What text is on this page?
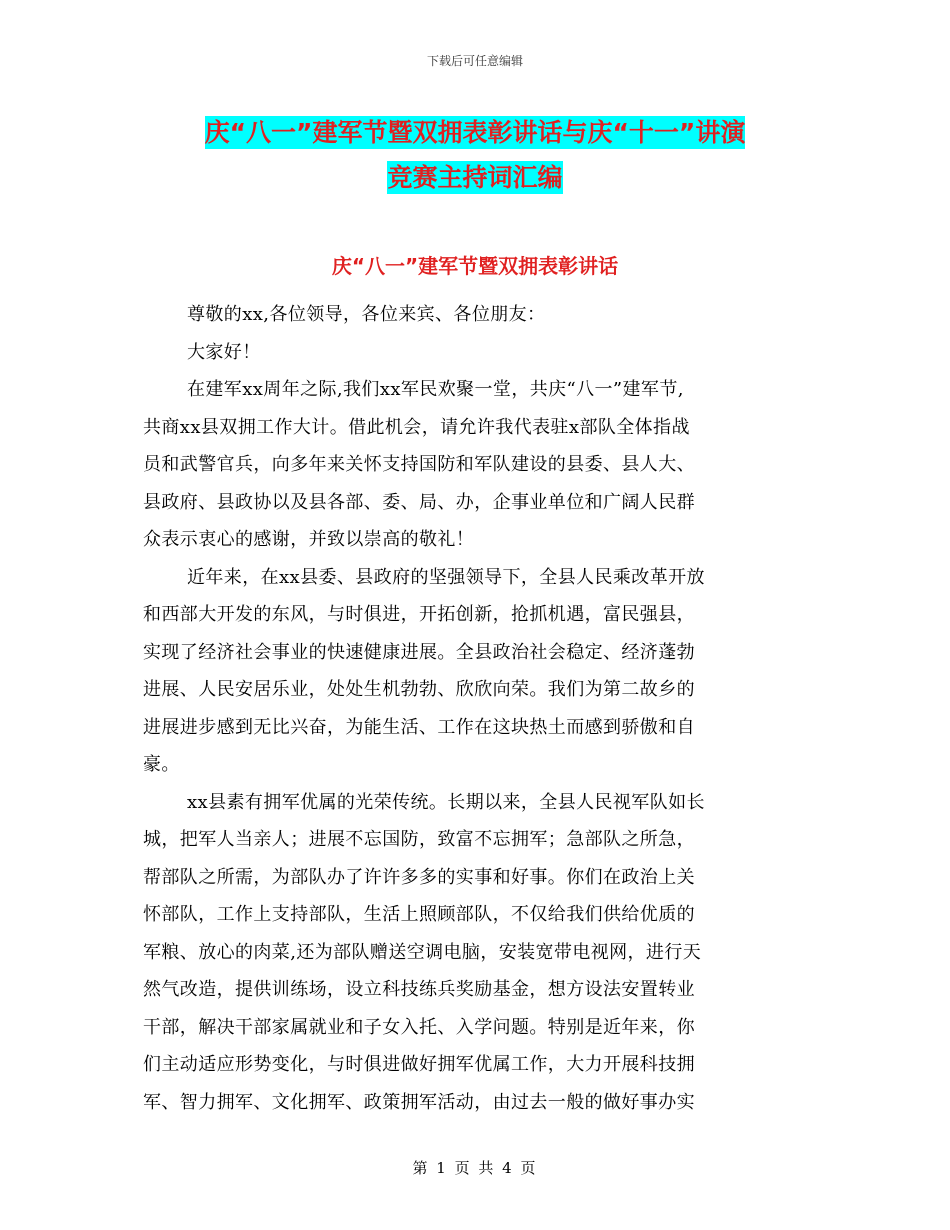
下载后可任意编辑
庆“八一”建军节暨双拥表彰讲话与庆“十一”讲演
竞赛主持词汇编
庆“八一”建军节暨双拥表彰讲话
尊敬的xx,各位领导，各位来宾、各位朋友：
大家好！
在建军xx周年之际,我们xx军民欢聚一堂，共庆“八一”建军节,
共商xx县双拥工作大计。借此机会，请允许我代表驻x部队全体指战
员和武警官兵，向多年来关怀支持国防和军队建设的县委、县人大、
县政府、县政协以及县各部、委、局、办，企事业单位和广阔人民群
众表示衷心的感谢，并致以崇高的敬礼！
近年来，在xx县委、县政府的坚强领导下，全县人民乘改革开放
和西部大开发的东风，与时俱进，开拓创新，抢抓机遇，富民强县，
实现了经济社会事业的快速健康进展。全县政治社会稳定、经济蓬勃
进展、人民安居乐业，处处生机勃勃、欣欣向荣。我们为第二故乡的
进展进步感到无比兴奋，为能生活、工作在这块热土而感到骄傲和自
豪。
xx县素有拥军优属的光荣传统。长期以来，全县人民视军队如长
城，把军人当亲人；进展不忘国防，致富不忘拥军；急部队之所急，
帮部队之所需，为部队办了许许多多的实事和好事。你们在政治上关
怀部队，工作上支持部队，生活上照顾部队，不仅给我们供给优质的
军粮、放心的肉菜,还为部队赠送空调电脑，安装宽带电视网，进行天
然气改造，提供训练场，设立科技练兵奖励基金，想方设法安置转业
干部，解决干部家属就业和子女入托、入学问题。特别是近年来，你
们主动适应形势变化，与时俱进做好拥军优属工作，大力开展科技拥
军、智力拥军、文化拥军、政策拥军活动，由过去一般的做好事办实
第 1 页 共 4 页
